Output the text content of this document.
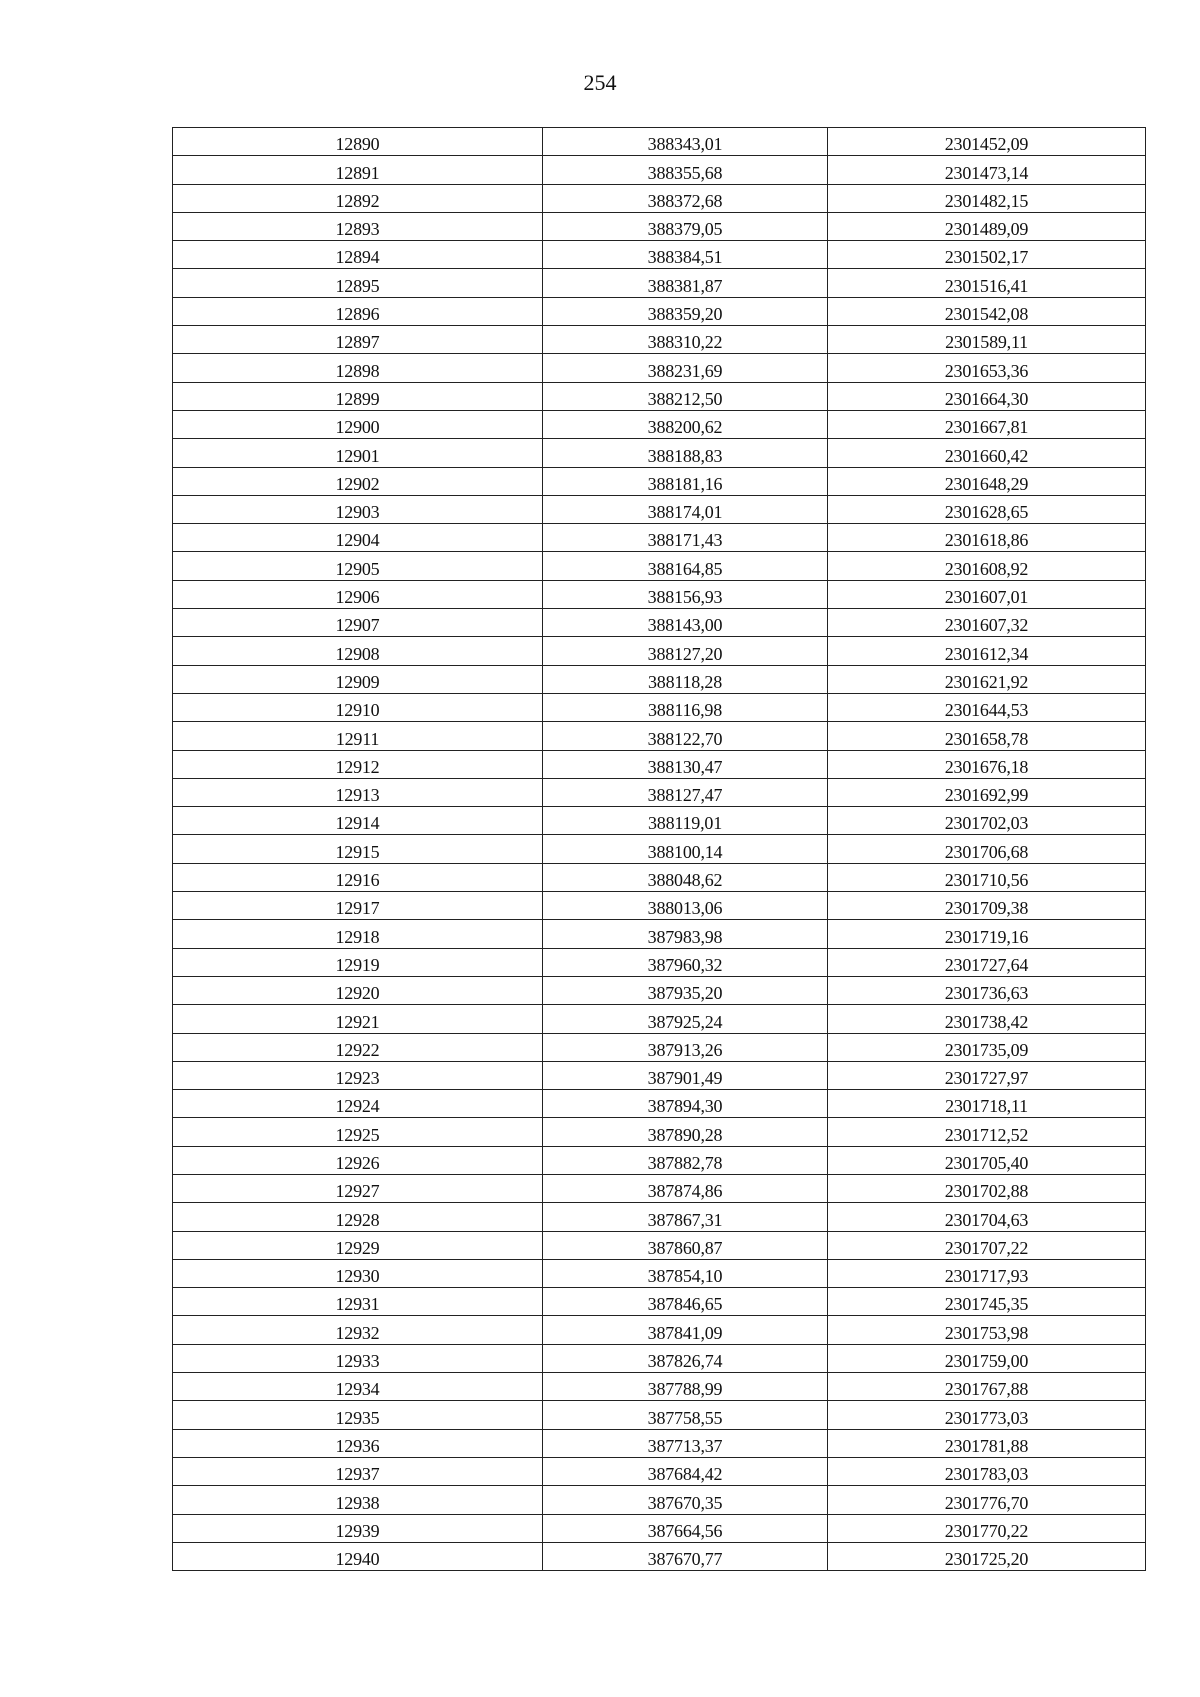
254
12890	388343,01	2301452,09
12891	388355,68	2301473,14
12892	388372,68	2301482,15
12893	388379,05	2301489,09
12894	388384,51	2301502,17
12895	388381,87	2301516,41
12896	388359,20	2301542,08
12897	388310,22	2301589,11
12898	388231,69	2301653,36
12899	388212,50	2301664,30
12900	388200,62	2301667,81
12901	388188,83	2301660,42
12902	388181,16	2301648,29
12903	388174,01	2301628,65
12904	388171,43	2301618,86
12905	388164,85	2301608,92
12906	388156,93	2301607,01
12907	388143,00	2301607,32
12908	388127,20	2301612,34
12909	388118,28	2301621,92
12910	388116,98	2301644,53
12911	388122,70	2301658,78
12912	388130,47	2301676,18
12913	388127,47	2301692,99
12914	388119,01	2301702,03
12915	388100,14	2301706,68
12916	388048,62	2301710,56
12917	388013,06	2301709,38
12918	387983,98	2301719,16
12919	387960,32	2301727,64
12920	387935,20	2301736,63
12921	387925,24	2301738,42
12922	387913,26	2301735,09
12923	387901,49	2301727,97
12924	387894,30	2301718,11
12925	387890,28	2301712,52
12926	387882,78	2301705,40
12927	387874,86	2301702,88
12928	387867,31	2301704,63
12929	387860,87	2301707,22
12930	387854,10	2301717,93
12931	387846,65	2301745,35
12932	387841,09	2301753,98
12933	387826,74	2301759,00
12934	387788,99	2301767,88
12935	387758,55	2301773,03
12936	387713,37	2301781,88
12937	387684,42	2301783,03
12938	387670,35	2301776,70
12939	387664,56	2301770,22
12940	387670,77	2301725,20
